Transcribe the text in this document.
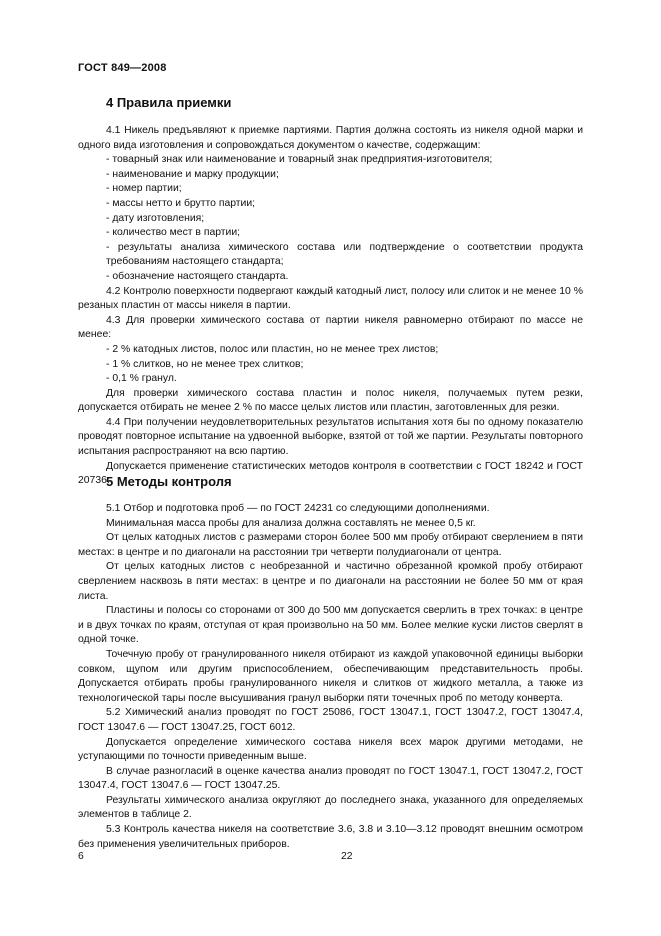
ГОСТ 849—2008
4 Правила приемки

4.1 Никель предъявляют к приемке партиями. Партия должна состоять из никеля одной марки и одного вида изготовления и сопровождаться документом о качестве, содержащим:

- товарный знак или наименование и товарный знак предприятия-изготовителя;

- наименование и марку продукции;

- номер партии;

- массы нетто и брутто партии;

- дату изготовления;

- количество мест в партии;

- результаты анализа химического состава или подтверждение о соответствии продукта требованиям настоящего стандарта;

- обозначение настоящего стандарта.

4.2 Контролю поверхности подвергают каждый катодный лист, полосу или слиток и не менее 10 % резаных пластин от массы никеля в партии.

4.3 Для проверки химического состава от партии никеля равномерно отбирают по массе не менее:

- 2 % катодных листов, полос или пластин, но не менее трех листов;

- 1 % слитков, но не менее трех слитков;

- 0,1 % гранул.

Для проверки химического состава пластин и полос никеля, получаемых путем резки, допускается отбирать не менее 2 % по массе целых листов или пластин, заготовленных для резки.

4.4 При получении неудовлетворительных результатов испытания хотя бы по одному показателю проводят повторное испытание на удвоенной выборке, взятой от той же партии. Результаты повторного испытания распространяют на всю партию.

Допускается применение статистических методов контроля в соответствии с ГОСТ 18242 и ГОСТ 20736.

5 Методы контроля

5.1 Отбор и подготовка проб — по ГОСТ 24231 со следующими дополнениями.

Минимальная масса пробы для анализа должна составлять не менее 0,5 кг.

От целых катодных листов с размерами сторон более 500 мм пробу отбирают сверлением в пяти местах: в центре и по диагонали на расстоянии три четверти полудиагонали от центра.

От целых катодных листов с необрезанной и частично обрезанной кромкой пробу отбирают сверлением насквозь в пяти местах: в центре и по диагонали на расстоянии не более 50 мм от края листа.

Пластины и полосы со сторонами от 300 до 500 мм допускается сверлить в трех точках: в центре и в двух точках по краям, отступая от края произвольно на 50 мм. Более мелкие куски листов сверлят в одной точке.

Точечную пробу от гранулированного никеля отбирают из каждой упаковочной единицы выборки совком, щупом или другим приспособлением, обеспечивающим представительность пробы. Допускается отбирать пробы гранулированного никеля и слитков от жидкого металла, а также из технологической тары после высушивания гранул выборки пяти точечных проб по методу конверта.

5.2 Химический анализ проводят по ГОСТ 25086, ГОСТ 13047.1, ГОСТ 13047.2, ГОСТ 13047.4, ГОСТ 13047.6 — ГОСТ 13047.25, ГОСТ 6012.

Допускается определение химического состава никеля всех марок другими методами, не уступающими по точности приведенным выше.

В случае разногласий в оценке качества анализ проводят по ГОСТ 13047.1, ГОСТ 13047.2, ГОСТ 13047.4, ГОСТ 13047.6 — ГОСТ 13047.25.

Результаты химического анализа округляют до последнего знака, указанного для определяемых элементов в таблице 2.

5.3 Контроль качества никеля на соответствие 3.6, 3.8 и 3.10—3.12 проводят внешним осмотром без применения увеличительных приборов.

6	22
